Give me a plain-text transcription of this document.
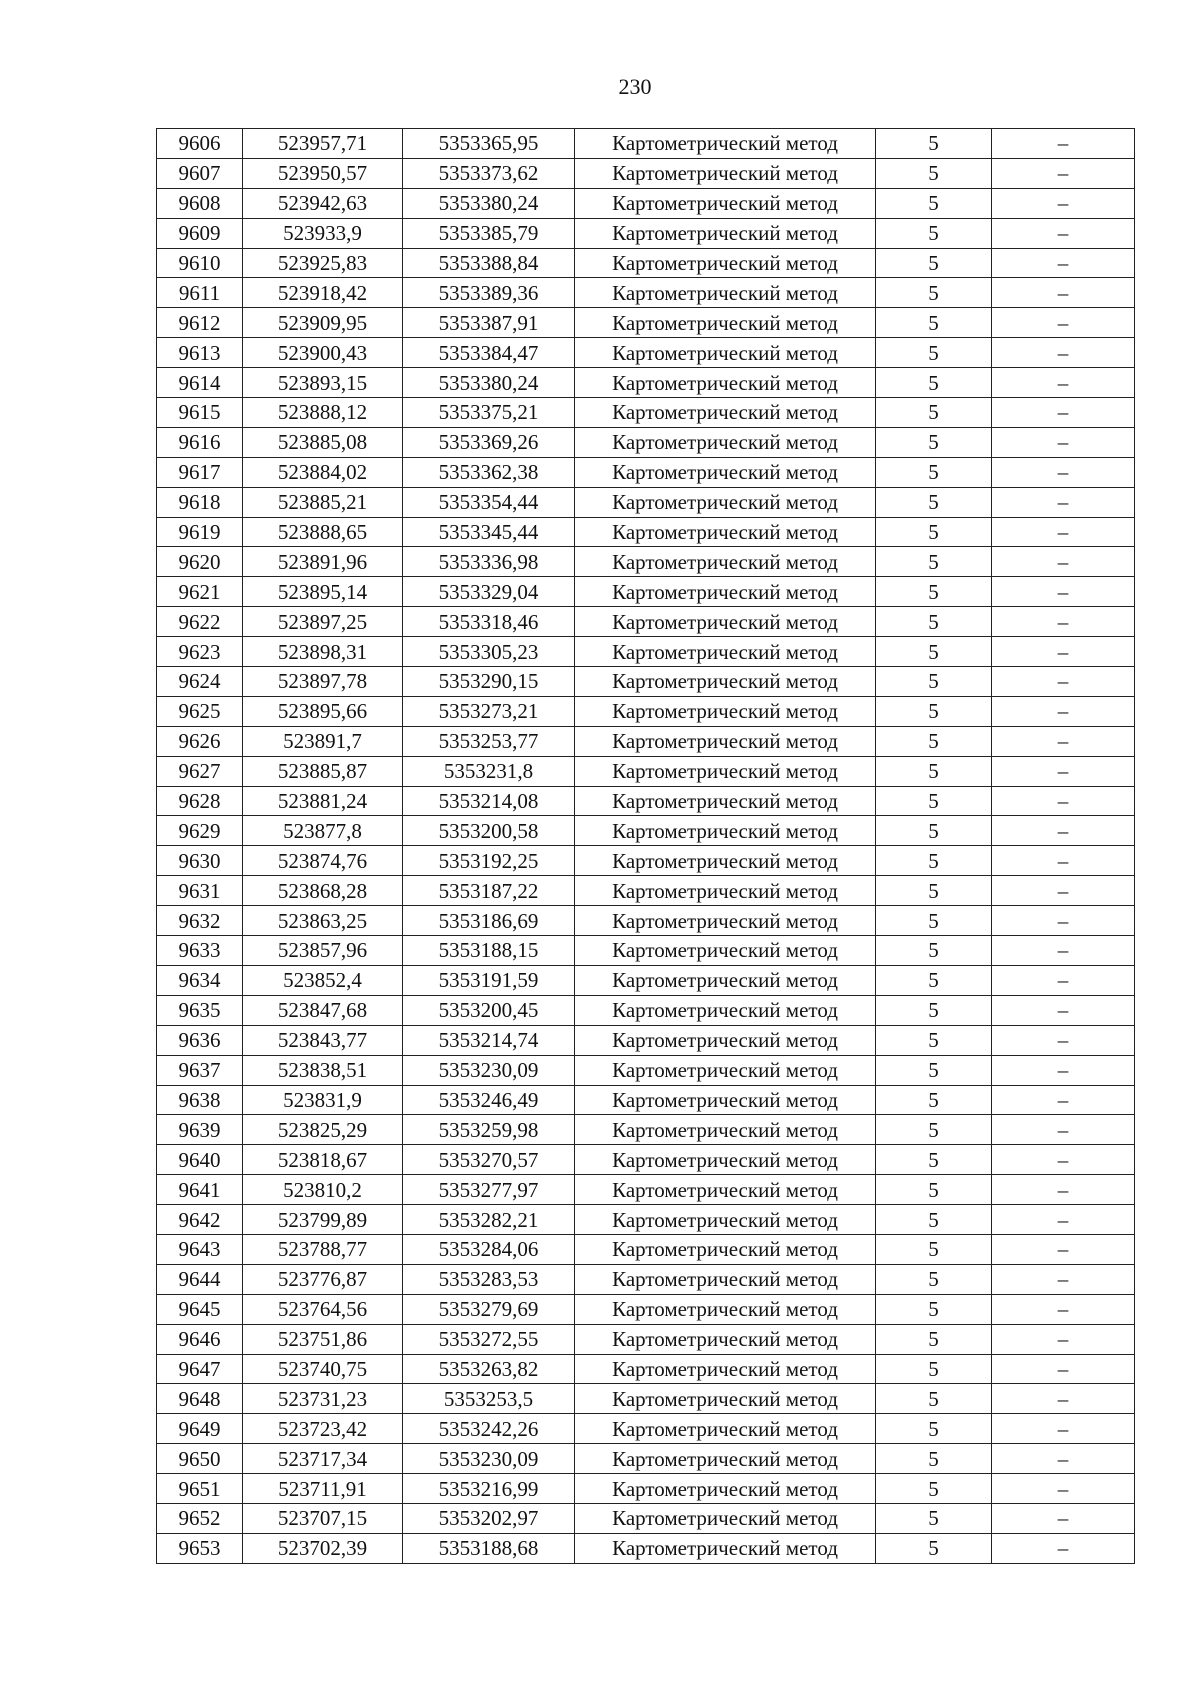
230
9606	523957,71	5353365,95	Картометрический метод	5	–
9607	523950,57	5353373,62	Картометрический метод	5	–
9608	523942,63	5353380,24	Картометрический метод	5	–
9609	523933,9	5353385,79	Картометрический метод	5	–
9610	523925,83	5353388,84	Картометрический метод	5	–
9611	523918,42	5353389,36	Картометрический метод	5	–
9612	523909,95	5353387,91	Картометрический метод	5	–
9613	523900,43	5353384,47	Картометрический метод	5	–
9614	523893,15	5353380,24	Картометрический метод	5	–
9615	523888,12	5353375,21	Картометрический метод	5	–
9616	523885,08	5353369,26	Картометрический метод	5	–
9617	523884,02	5353362,38	Картометрический метод	5	–
9618	523885,21	5353354,44	Картометрический метод	5	–
9619	523888,65	5353345,44	Картометрический метод	5	–
9620	523891,96	5353336,98	Картометрический метод	5	–
9621	523895,14	5353329,04	Картометрический метод	5	–
9622	523897,25	5353318,46	Картометрический метод	5	–
9623	523898,31	5353305,23	Картометрический метод	5	–
9624	523897,78	5353290,15	Картометрический метод	5	–
9625	523895,66	5353273,21	Картометрический метод	5	–
9626	523891,7	5353253,77	Картометрический метод	5	–
9627	523885,87	5353231,8	Картометрический метод	5	–
9628	523881,24	5353214,08	Картометрический метод	5	–
9629	523877,8	5353200,58	Картометрический метод	5	–
9630	523874,76	5353192,25	Картометрический метод	5	–
9631	523868,28	5353187,22	Картометрический метод	5	–
9632	523863,25	5353186,69	Картометрический метод	5	–
9633	523857,96	5353188,15	Картометрический метод	5	–
9634	523852,4	5353191,59	Картометрический метод	5	–
9635	523847,68	5353200,45	Картометрический метод	5	–
9636	523843,77	5353214,74	Картометрический метод	5	–
9637	523838,51	5353230,09	Картометрический метод	5	–
9638	523831,9	5353246,49	Картометрический метод	5	–
9639	523825,29	5353259,98	Картометрический метод	5	–
9640	523818,67	5353270,57	Картометрический метод	5	–
9641	523810,2	5353277,97	Картометрический метод	5	–
9642	523799,89	5353282,21	Картометрический метод	5	–
9643	523788,77	5353284,06	Картометрический метод	5	–
9644	523776,87	5353283,53	Картометрический метод	5	–
9645	523764,56	5353279,69	Картометрический метод	5	–
9646	523751,86	5353272,55	Картометрический метод	5	–
9647	523740,75	5353263,82	Картометрический метод	5	–
9648	523731,23	5353253,5	Картометрический метод	5	–
9649	523723,42	5353242,26	Картометрический метод	5	–
9650	523717,34	5353230,09	Картометрический метод	5	–
9651	523711,91	5353216,99	Картометрический метод	5	–
9652	523707,15	5353202,97	Картометрический метод	5	–
9653	523702,39	5353188,68	Картометрический метод	5	–
